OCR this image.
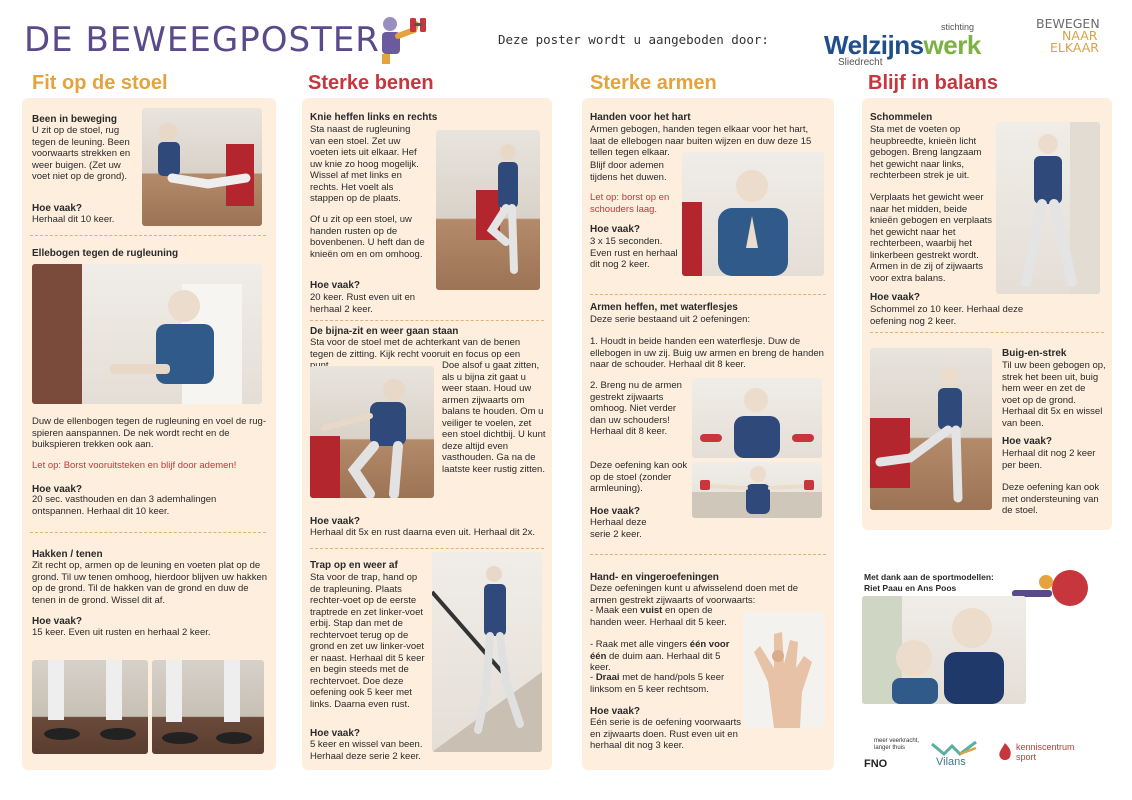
DE BEWEEGPOSTER	Deze poster wordt u aangeboden door:
stichting
Welzijnswerk
Sliedrecht
BEWEGEN
NAAR
ELKAAR
Fit op de stoel	Sterke benen	Sterke armen	Blijf in balans
Been in beweging
U zit op de stoel, rug tegen de leuning. Been voorwaarts strekken en weer buigen. (Zet uw voet niet op de grond).
Hoe vaak?
Herhaal dit 10 keer.
Ellebogen tegen de rugleuning
Duw de ellenbogen tegen de rugleuning en voel de rug-spieren aanspannen. De nek wordt recht en de buikspieren trekken ook aan.
Let op: Borst vooruitsteken en blijf door ademen!
Hoe vaak?
20 sec. vasthouden en dan 3 ademhalingen ontspannen. Herhaal dit 10 keer.
Hakken / tenen
Zit recht op, armen op de leuning en voeten plat op de grond. Til uw tenen omhoog, hierdoor blijven uw hakken op de grond. Til de hakken van de grond en duw de tenen in de grond. Wissel dit af.
Hoe vaak?
15 keer. Even uit rusten en herhaal 2 keer.
Knie heffen links en rechts
Sta naast de rugleuning van een stoel. Zet uw voeten iets uit elkaar. Hef uw knie zo hoog mogelijk. Wissel af met links en rechts. Het voelt als stappen op de plaats.
Of u zit op een stoel, uw handen rusten op de bovenbenen. U heft dan de knieën om en om omhoog.
Hoe vaak?
20 keer. Rust even uit en herhaal 2 keer.
De bijna-zit en weer gaan staan
Sta voor de stoel met de achterkant van de benen tegen de zitting. Kijk recht vooruit en focus op een
Doe alsof u gaat zitten, als u bijna zit gaat u weer staan. Houd uw armen zijwaarts om balans te houden. Om u veiliger te voelen, zet een stoel dichtbij. U kunt deze altijd even vasthouden. Ga na de laatste keer rustig zitten.
Hoe vaak?
Herhaal dit 5x en rust daarna even uit. Herhaal dit 2x.
Trap op en weer af
Sta voor de trap, hand op de trapleuning. Plaats rechter-voet op de eerste traptrede en zet linker-voet erbij. Stap dan met de rechtervoet terug op de grond en zet uw linker-voet er naast. Herhaal dit 5 keer en begin steeds met de rechtervoet. Doe deze oefening ook 5 keer met links. Daarna even rust.
Hoe vaak?
5 keer en wissel van been. Herhaal deze serie 2 keer.
Handen voor het hart
Armen gebogen, handen tegen elkaar voor het hart, laat de ellebogen naar buiten wijzen en duw deze 15 tellen tegen elkaar.
Blijf door ademen tijdens het duwen.
Let op: borst op en schouders laag.
Hoe vaak?
3 x 15 seconden. Even rust en herhaal dit nog 2 keer.
Armen heffen, met waterflesjes
Deze serie bestaand uit 2 oefeningen:
1. Houdt in beide handen een waterflesje. Duw de ellebogen in uw zij. Buig uw armen en breng de handen naar de schouder. Herhaal dit 8 keer.
2. Breng nu de armen gestrekt zijwaarts omhoog. Niet verder dan uw schouders! Herhaal dit 8 keer.
Deze oefening kan ook op de stoel (zonder armleuning).
Hoe vaak?
Herhaal deze serie 2 keer.
Hand- en vingeroefeningen
Deze oefeningen kunt u afwisselend doen met de armen gestrekt zijwaarts of voorwaarts:
- Maak een vuist en open de handen weer. Herhaal dit 5 keer.
- Raak met alle vingers één voor één de duim aan. Herhaal dit 5 keer.
- Draai met de hand/pols 5 keer linksom en 5 keer rechtsom.
Hoe vaak?
Eén serie is de oefening voorwaarts en zijwaarts doen. Rust even uit en herhaal dit nog 3 keer.
Schommelen
Sta met de voeten op heupbreedte, knieën licht gebogen. Breng langzaam het gewicht naar links, rechterbeen strek je uit.
Verplaats het gewicht weer naar het midden, beide knieën gebogen en verplaats het gewicht naar het rechterbeen, waarbij het linkerbeen gestrekt wordt. Armen in de zij of zijwaarts voor extra balans.
Hoe vaak?
Schommel zo 10 keer. Herhaal deze oefening nog 2 keer.
Buig-en-strek
Til uw been gebogen op, strek het been uit, buig hem weer en zet de voet op de grond. Herhaal dit 5x en wissel van been.
Hoe vaak?
Herhaal dit nog 2 keer per been.
Deze oefening kan ook met ondersteuning van de stoel.
Met dank aan de sportmodellen:
Riet Paau en Ans Poos
meer veerkracht, langer thuis
FNO	Vilans
kenniscentrum
sport
